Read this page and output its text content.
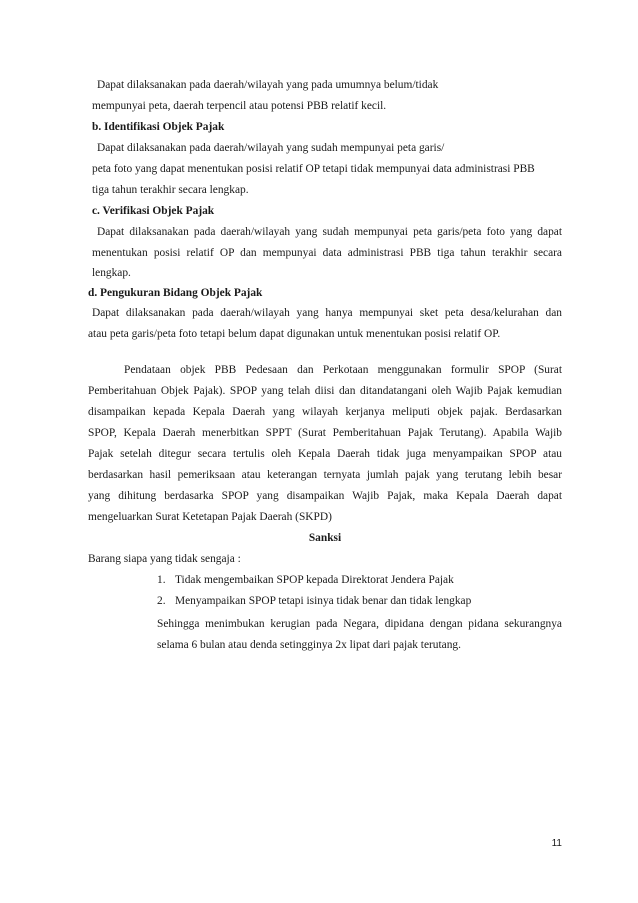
Dapat dilaksanakan pada daerah/wilayah yang pada umumnya belum/tidak
mempunyai peta, daerah terpencil atau potensi PBB relatif kecil.
b. Identifikasi Objek Pajak
Dapat dilaksanakan pada daerah/wilayah yang sudah mempunyai peta garis/
peta foto yang dapat menentukan posisi relatif OP tetapi tidak mempunyai data administrasi PBB
tiga tahun terakhir secara lengkap.
c. Verifikasi Objek Pajak
Dapat dilaksanakan pada daerah/wilayah yang sudah mempunyai peta garis/peta foto yang dapat
menentukan posisi relatif OP dan mempunyai data administrasi PBB tiga tahun terakhir secara
lengkap.
d. Pengukuran Bidang Objek Pajak
Dapat dilaksanakan pada daerah/wilayah yang hanya mempunyai sket peta desa/kelurahan dan
atau peta garis/peta foto tetapi belum dapat digunakan untuk menentukan posisi relatif OP.
Pendataan objek PBB Pedesaan dan Perkotaan menggunakan formulir SPOP (Surat
Pemberitahuan Objek Pajak). SPOP yang telah diisi dan ditandatangani oleh Wajib Pajak kemudian
disampaikan kepada Kepala Daerah yang wilayah kerjanya meliputi objek pajak. Berdasarkan
SPOP, Kepala Daerah menerbitkan SPPT (Surat Pemberitahuan Pajak Terutang). Apabila Wajib
Pajak setelah ditegur secara tertulis oleh Kepala Daerah tidak juga menyampaikan SPOP atau
berdasarkan hasil pemeriksaan atau keterangan ternyata jumlah pajak yang terutang lebih besar
yang dihitung berdasarka SPOP yang disampaikan Wajib Pajak, maka Kepala Daerah dapat
mengeluarkan Surat Ketetapan Pajak Daerah (SKPD)
Sanksi
Barang siapa yang tidak sengaja :
1. Tidak mengembaikan SPOP kepada Direktorat Jendera Pajak
2. Menyampaikan SPOP tetapi isinya tidak benar dan tidak lengkap
Sehingga menimbukan kerugian pada Negara, dipidana dengan pidana sekurangnya
selama 6 bulan atau denda setingginya 2x lipat dari pajak terutang.
11
